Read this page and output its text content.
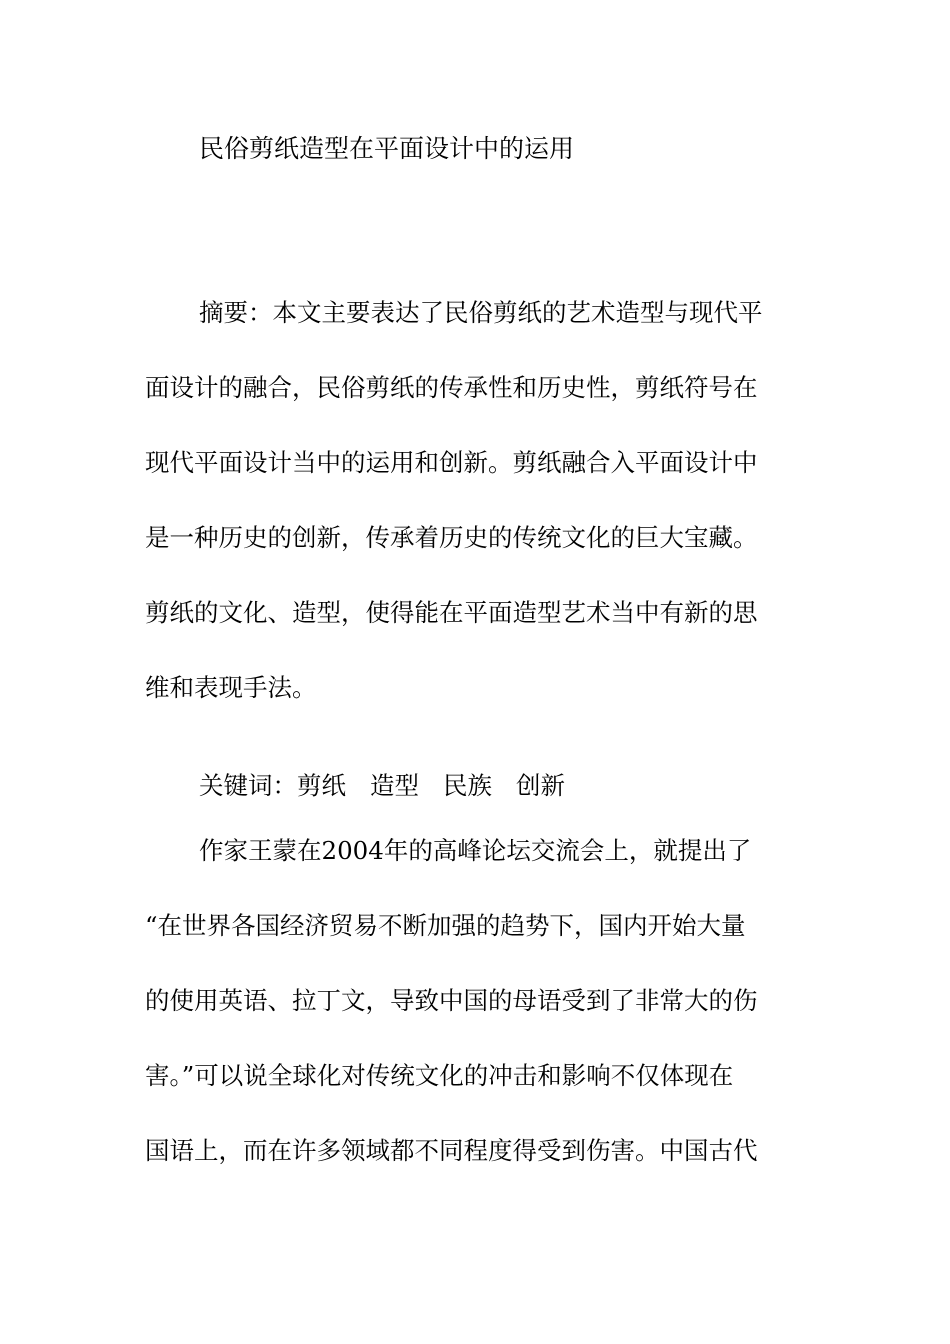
民俗剪纸造型在平面设计中的运用
摘要：本文主要表达了民俗剪纸的艺术造型与现代平
面设计的融合，民俗剪纸的传承性和历史性，剪纸符号在
现代平面设计当中的运用和创新。剪纸融合入平面设计中
是一种历史的创新，传承着历史的传统文化的巨大宝藏。
剪纸的文化、造型，使得能在平面造型艺术当中有新的思
维和表现手法。
关键词：剪纸 造型 民族 创新
作家王蒙在2004年的高峰论坛交流会上，就提出了
“在世界各国经济贸易不断加强的趋势下，国内开始大量
的使用英语、拉丁文，导致中国的母语受到了非常大的伤
害。”可以说全球化对传统文化的冲击和影响不仅体现在
国语上，而在许多领域都不同程度得受到伤害。中国古代
